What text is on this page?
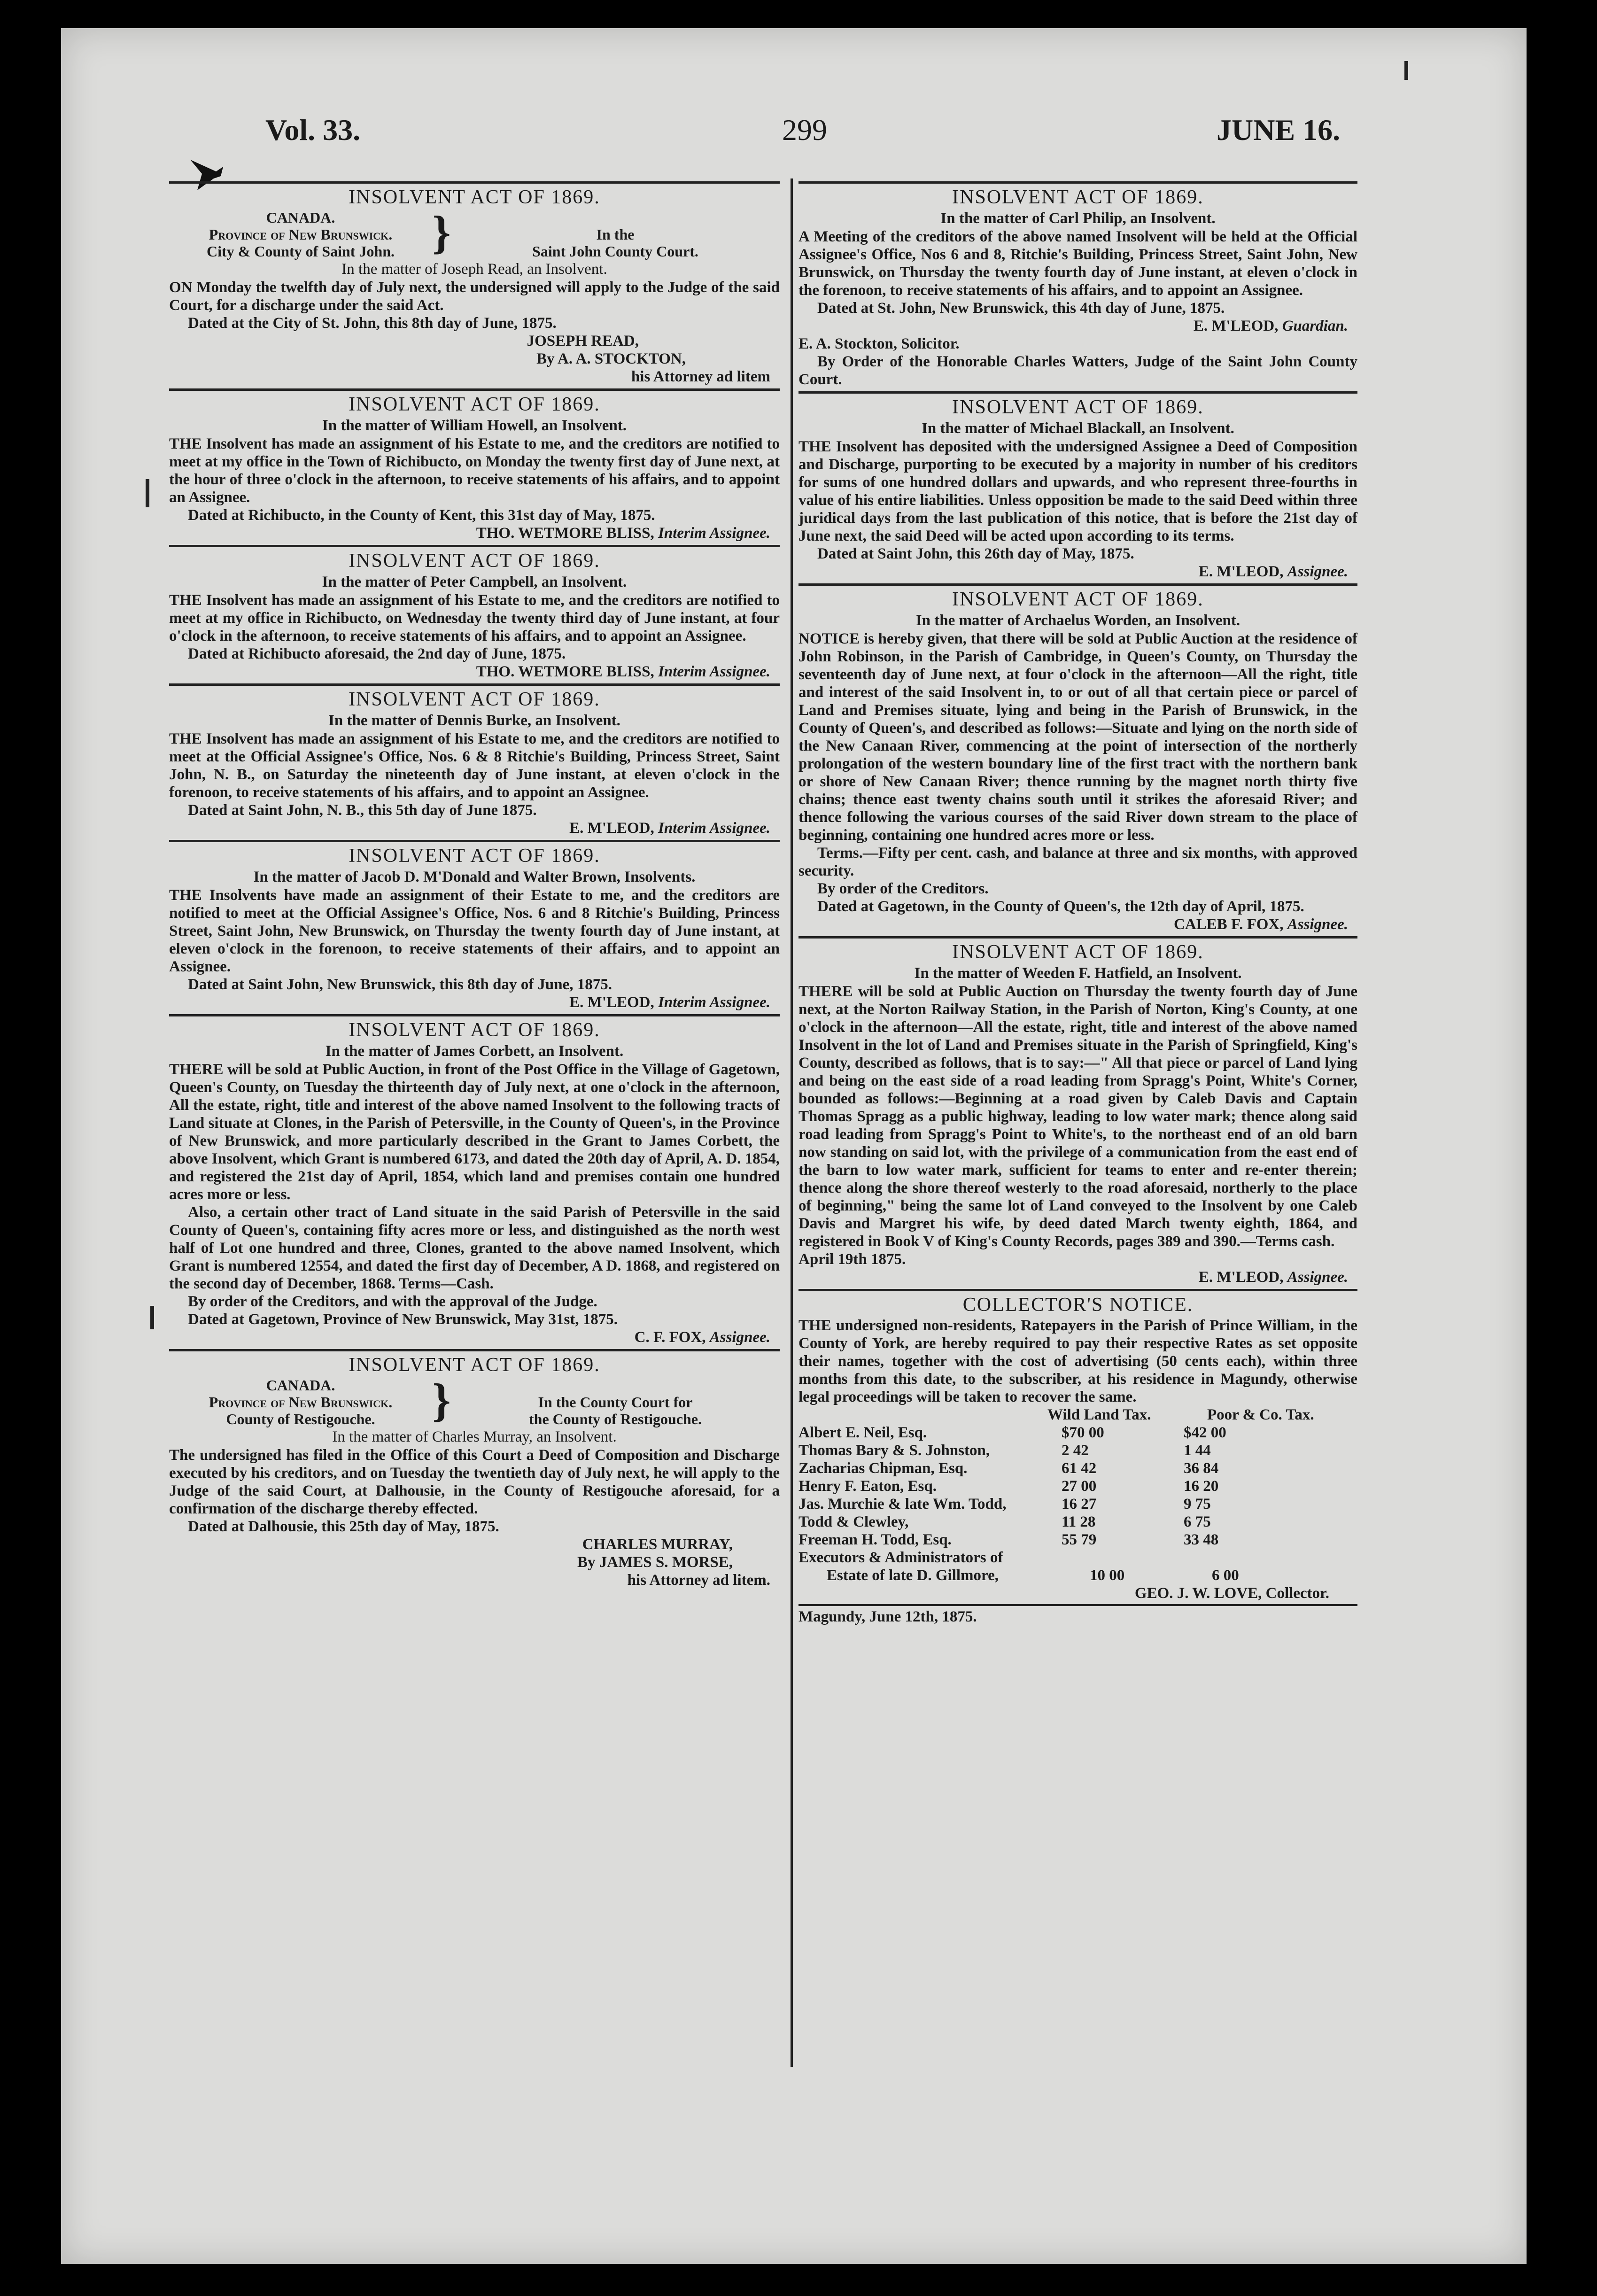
Vol. 33.	299	JUNE 16.

INSOLVENT ACT OF 1869.

CANADA.
Province of New Brunswick.
City & County of Saint John. }	In the
Saint John County Court.

In the matter of Joseph Read, an Insolvent.

ON Monday the twelfth day of July next, the undersigned will apply to the Judge of the said Court, for a discharge under the said Act.

Dated at the City of St. John, this 8th day of June, 1875.

JOSEPH READ,

By A. A. STOCKTON,

his Attorney ad litem

INSOLVENT ACT OF 1869.

In the matter of William Howell, an Insolvent.

THE Insolvent has made an assignment of his Estate to me, and the creditors are notified to meet at my office in the Town of Richibucto, on Monday the twenty first day of June next, at the hour of three o'clock in the afternoon, to receive statements of his affairs, and to appoint an Assignee.

Dated at Richibucto, in the County of Kent, this 31st day of May, 1875.

THO. WETMORE BLISS, Interim Assignee.

INSOLVENT ACT OF 1869.

In the matter of Peter Campbell, an Insolvent.

THE Insolvent has made an assignment of his Estate to me, and the creditors are notified to meet at my office in Richibucto, on Wednesday the twenty third day of June instant, at four o'clock in the afternoon, to receive statements of his affairs, and to appoint an Assignee.

Dated at Richibucto aforesaid, the 2nd day of June, 1875.

THO. WETMORE BLISS, Interim Assignee.

INSOLVENT ACT OF 1869.

In the matter of Dennis Burke, an Insolvent.

THE Insolvent has made an assignment of his Estate to me, and the creditors are notified to meet at the Official Assignee's Office, Nos. 6 & 8 Ritchie's Building, Princess Street, Saint John, N. B., on Saturday the nineteenth day of June instant, at eleven o'clock in the forenoon, to receive statements of his affairs, and to appoint an Assignee.

Dated at Saint John, N. B., this 5th day of June 1875.

E. M'LEOD, Interim Assignee.

INSOLVENT ACT OF 1869.

In the matter of Jacob D. M'Donald and Walter Brown, Insolvents.

THE Insolvents have made an assignment of their Estate to me, and the creditors are notified to meet at the Official Assignee's Office, Nos. 6 and 8 Ritchie's Building, Princess Street, Saint John, New Brunswick, on Thursday the twenty fourth day of June instant, at eleven o'clock in the forenoon, to receive statements of their affairs, and to appoint an Assignee.

Dated at Saint John, New Brunswick, this 8th day of June, 1875.

E. M'LEOD, Interim Assignee.

INSOLVENT ACT OF 1869.

In the matter of James Corbett, an Insolvent.

THERE will be sold at Public Auction, in front of the Post Office in the Village of Gagetown, Queen's County, on Tuesday the thirteenth day of July next, at one o'clock in the afternoon, All the estate, right, title and interest of the above named Insolvent to the following tracts of Land situate at Clones, in the Parish of Petersville, in the County of Queen's, in the Province of New Brunswick, and more particularly described in the Grant to James Corbett, the above Insolvent, which Grant is numbered 6173, and dated the 20th day of April, A. D. 1854, and registered the 21st day of April, 1854, which land and premises contain one hundred acres more or less.

Also, a certain other tract of Land situate in the said Parish of Petersville in the said County of Queen's, containing fifty acres more or less, and distinguished as the north west half of Lot one hundred and three, Clones, granted to the above named Insolvent, which Grant is numbered 12554, and dated the first day of December, A D. 1868, and registered on the second day of December, 1868. Terms—Cash.

By order of the Creditors, and with the approval of the Judge.

Dated at Gagetown, Province of New Brunswick, May 31st, 1875.

C. F. FOX, Assignee.

INSOLVENT ACT OF 1869.

CANADA.
Province of New Brunswick.
County of Restigouche.	}	In the County Court for
the County of Restigouche.

In the matter of Charles Murray, an Insolvent.

The undersigned has filed in the Office of this Court a Deed of Composition and Discharge executed by his creditors, and on Tuesday the twentieth day of July next, he will apply to the Judge of the said Court, at Dalhousie, in the County of Restigouche aforesaid, for a confirmation of the discharge thereby effected.

Dated at Dalhousie, this 25th day of May, 1875.

CHARLES MURRAY,

By JAMES S. MORSE,

his Attorney ad litem.

INSOLVENT ACT OF 1869.

In the matter of Carl Philip, an Insolvent.

A Meeting of the creditors of the above named Insolvent will be held at the Official Assignee's Office, Nos 6 and 8, Ritchie's Building, Princess Street, Saint John, New Brunswick, on Thursday the twenty fourth day of June instant, at eleven o'clock in the forenoon, to receive statements of his affairs, and to appoint an Assignee.

Dated at St. John, New Brunswick, this 4th day of June, 1875.

E. M'LEOD, Guardian.

E. A. Stockton, Solicitor.

By Order of the Honorable Charles Watters, Judge of the Saint John County Court.

INSOLVENT ACT OF 1869.

In the matter of Michael Blackall, an Insolvent.

THE Insolvent has deposited with the undersigned Assignee a Deed of Composition and Discharge, purporting to be executed by a majority in number of his creditors for sums of one hundred dollars and upwards, and who represent three-fourths in value of his entire liabilities. Unless opposition be made to the said Deed within three juridical days from the last publication of this notice, that is before the 21st day of June next, the said Deed will be acted upon according to its terms.

Dated at Saint John, this 26th day of May, 1875.

E. M'LEOD, Assignee.

INSOLVENT ACT OF 1869.

In the matter of Archaelus Worden, an Insolvent.

NOTICE is hereby given, that there will be sold at Public Auction at the residence of John Robinson, in the Parish of Cambridge, in Queen's County, on Thursday the seventeenth day of June next, at four o'clock in the afternoon—All the right, title and interest of the said Insolvent in, to or out of all that certain piece or parcel of Land and Premises situate, lying and being in the Parish of Brunswick, in the County of Queen's, and described as follows:—Situate and lying on the north side of the New Canaan River, commencing at the point of intersection of the northerly prolongation of the western boundary line of the first tract with the northern bank or shore of New Canaan River; thence running by the magnet north thirty five chains; thence east twenty chains south until it strikes the aforesaid River; and thence following the various courses of the said River down stream to the place of beginning, containing one hundred acres more or less.

Terms.—Fifty per cent. cash, and balance at three and six months, with approved security.

By order of the Creditors.

Dated at Gagetown, in the County of Queen's, the 12th day of April, 1875.

CALEB F. FOX, Assignee.

INSOLVENT ACT OF 1869.

In the matter of Weeden F. Hatfield, an Insolvent.

THERE will be sold at Public Auction on Thursday the twenty fourth day of June next, at the Norton Railway Station, in the Parish of Norton, King's County, at one o'clock in the afternoon—All the estate, right, title and interest of the above named Insolvent in the lot of Land and Premises situate in the Parish of Springfield, King's County, described as follows, that is to say:—" All that piece or parcel of Land lying and being on the east side of a road leading from Spragg's Point, White's Corner, bounded as follows:—Beginning at a road given by Caleb Davis and Captain Thomas Spragg as a public highway, leading to low water mark; thence along said road leading from Spragg's Point to White's, to the northeast end of an old barn now standing on said lot, with the privilege of a communication from the east end of the barn to low water mark, sufficient for teams to enter and re-enter therein; thence along the shore thereof westerly to the road aforesaid, northerly to the place of beginning," being the same lot of Land conveyed to the Insolvent by one Caleb Davis and Margret his wife, by deed dated March twenty eighth, 1864, and registered in Book V of King's County Records, pages 389 and 390.—Terms cash.

April 19th 1875.

E. M'LEOD, Assignee.

COLLECTOR'S NOTICE.

THE undersigned non-residents, Ratepayers in the Parish of Prince William, in the County of York, are hereby required to pay their respective Rates as set opposite their names, together with the cost of advertising (50 cents each), within three months from this date, to the subscriber, at his residence in Magundy, otherwise legal proceedings will be taken to recover the same.

Wild Land Tax.	Poor & Co. Tax.
Albert E. Neil, Esq.	$70 00	$42 00
Thomas Bary & S. Johnston,	2 42	1 44
Zacharias Chipman, Esq.	61 42	36 84
Henry F. Eaton, Esq.	27 00	16 20
Jas. Murchie & late Wm. Todd,	16 27	9 75
Todd & Clewley,	11 28	6 75
Freeman H. Todd, Esq.	55 79	33 48
Executors & Administrators of
Estate of late D. Gillmore,	10 00	6 00

GEO. J. W. LOVE, Collector.

Magundy, June 12th, 1875.
